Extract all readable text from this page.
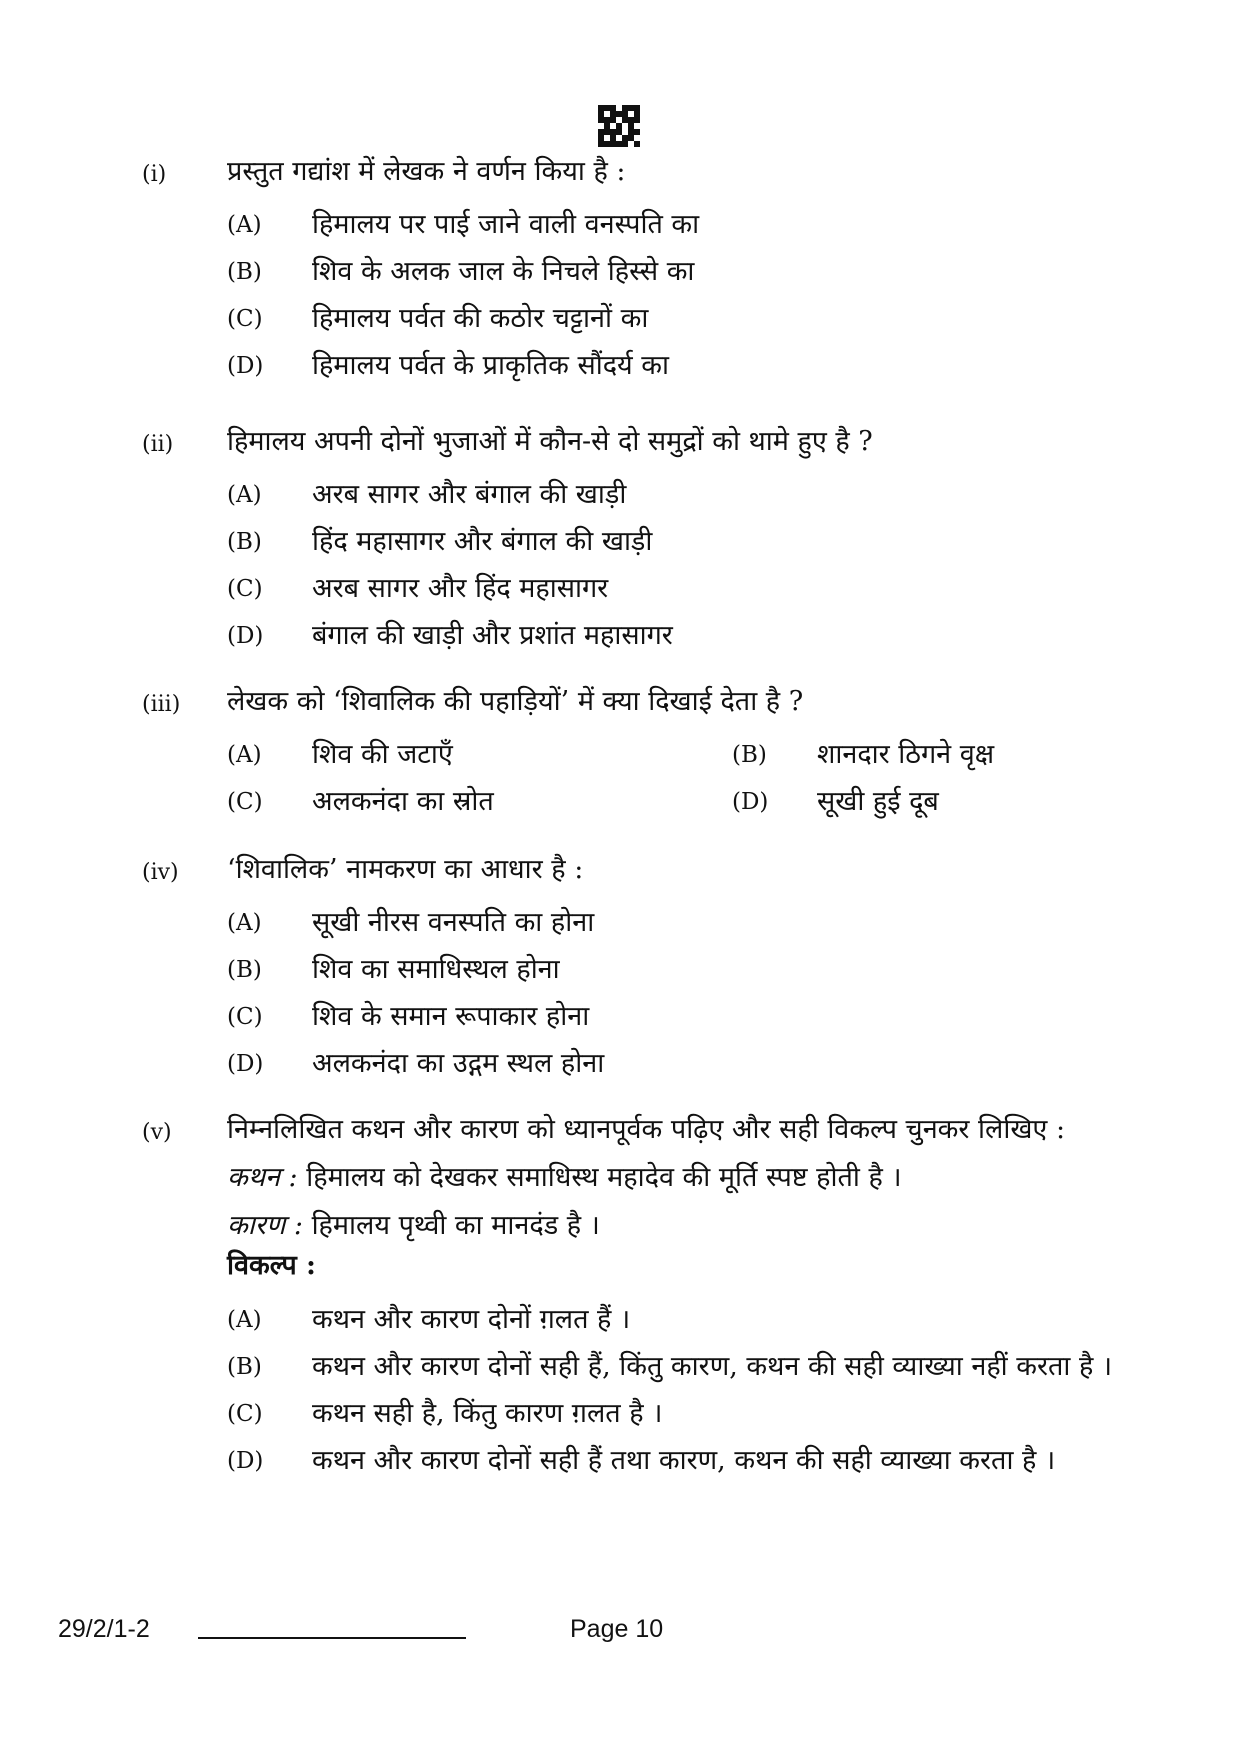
(i) प्रस्तुत गद्यांश में लेखक ने वर्णन किया है :
(A) हिमालय पर पाई जाने वाली वनस्पति का
(B) शिव के अलक जाल के निचले हिस्से का
(C) हिमालय पर्वत की कठोर चट्टानों का
(D) हिमालय पर्वत के प्राकृतिक सौंदर्य का
(ii) हिमालय अपनी दोनों भुजाओं में कौन-से दो समुद्रों को थामे हुए है ?
(A) अरब सागर और बंगाल की खाड़ी
(B) हिंद महासागर और बंगाल की खाड़ी
(C) अरब सागर और हिंद महासागर
(D) बंगाल की खाड़ी और प्रशांत महासागर
(iii) लेखक को ‘शिवालिक की पहाड़ियों’ में क्या दिखाई देता है ?
(A) शिव की जटाएँ	(B) शानदार ठिगने वृक्ष
(C) अलकनंदा का स्रोत	(D) सूखी हुई दूब
(iv) ‘शिवालिक’ नामकरण का आधार है :
(A) सूखी नीरस वनस्पति का होना
(B) शिव का समाधिस्थल होना
(C) शिव के समान रूपाकार होना
(D) अलकनंदा का उद्गम स्थल होना
(v) निम्नलिखित कथन और कारण को ध्यानपूर्वक पढ़िए और सही विकल्प चुनकर लिखिए :
कथन : हिमालय को देखकर समाधिस्थ महादेव की मूर्ति स्पष्ट होती है ।
कारण : हिमालय पृथ्वी का मानदंड है ।
विकल्प :
(A) कथन और कारण दोनों ग़लत हैं ।
(B) कथन और कारण दोनों सही हैं, किंतु कारण, कथन की सही व्याख्या नहीं करता है ।
(C) कथन सही है, किंतु कारण ग़लत है ।
(D) कथन और कारण दोनों सही हैं तथा कारण, कथन की सही व्याख्या करता है ।
29/2/1-2	Page 10
